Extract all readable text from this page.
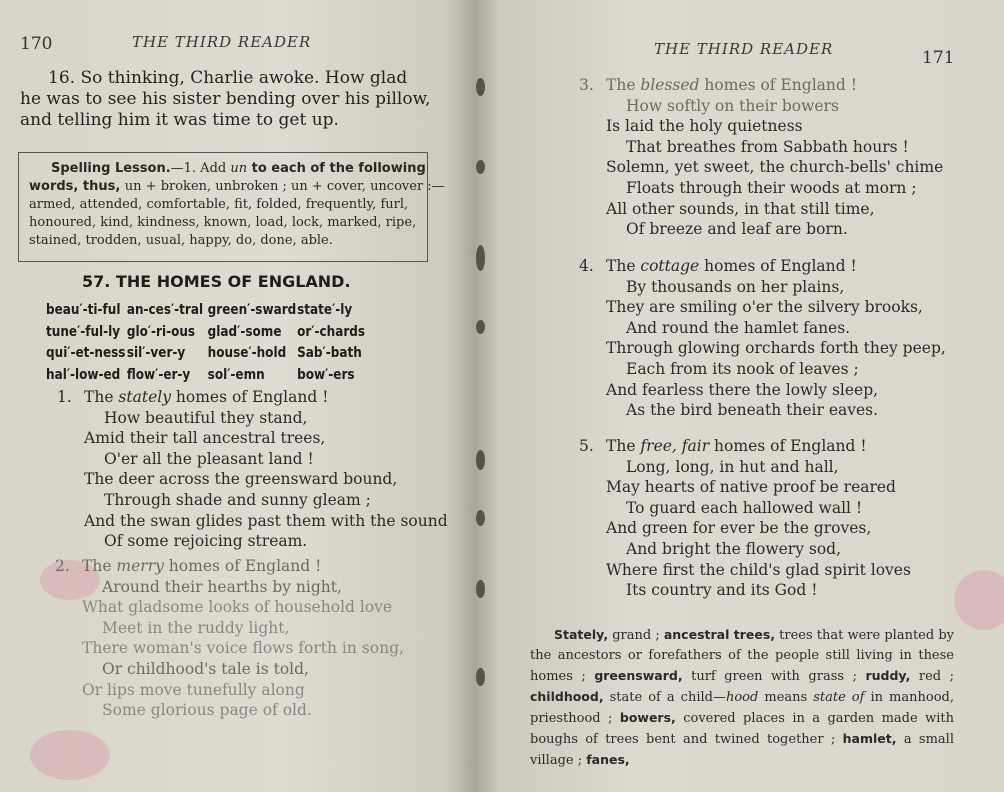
170	THE THIRD READER

16. So thinking, Charlie awoke. How glad

he was to see his sister bending over his pillow,

and telling him it was time to get up.

Spelling Lesson.—1. Add un to each of the following
words, thus, un + broken, unbroken ; un + cover, uncover :—
armed, attended, comfortable, fit, folded, frequently, furl,
honoured, kind, kindness, known, load, lock, marked, ripe,
stained, trodden, usual, happy, do, done, able.
57. THE HOMES OF ENGLAND.
beau′-ti-ful an-ces′-tral green′-sward state′-ly
tune′-ful-ly glo′-ri-ous glad′-some	or′-chards
qui′-et-ness sil′-ver-y	house′-hold Sab′-bath
hal′-low-ed flow′-er-y	sol′-emn	bow′-ers
1. The stately homes of England !
How beautiful they stand,
Amid their tall ancestral trees,
O'er all the pleasant land !
The deer across the greensward bound,
Through shade and sunny gleam ;
And the swan glides past them with the sound
Of some rejoicing stream.
2. The merry homes of England !
Around their hearths by night,
What gladsome looks of household love
Meet in the ruddy light,
There woman's voice flows forth in song,
Or childhood's tale is told,
Or lips move tunefully along
Some glorious page of old.
THE THIRD READER	171
3. The blessed homes of England !
How softly on their bowers
Is laid the holy quietness
That breathes from Sabbath hours !
Solemn, yet sweet, the church-bells' chime
Floats through their woods at morn ;
All other sounds, in that still time,
Of breeze and leaf are born.
4. The cottage homes of England !
By thousands on her plains,
They are smiling o'er the silvery brooks,
And round the hamlet fanes.
Through glowing orchards forth they peep,
Each from its nook of leaves ;
And fearless there the lowly sleep,
As the bird beneath their eaves.
5. The free, fair homes of England !
Long, long, in hut and hall,
May hearts of native proof be reared
To guard each hallowed wall !
And green for ever be the groves,
And bright the flowery sod,
Where first the child's glad spirit loves
Its country and its God !
Stately, grand ; ancestral trees, trees that were planted by the ancestors or forefathers of the people still living in these homes ; greensward, turf green with grass ; ruddy, red ; childhood, state of a child—hood means state of in manhood, priesthood ; bowers, covered places in a garden made with boughs of trees bent and twined together ; hamlet, a small village ; fanes,
